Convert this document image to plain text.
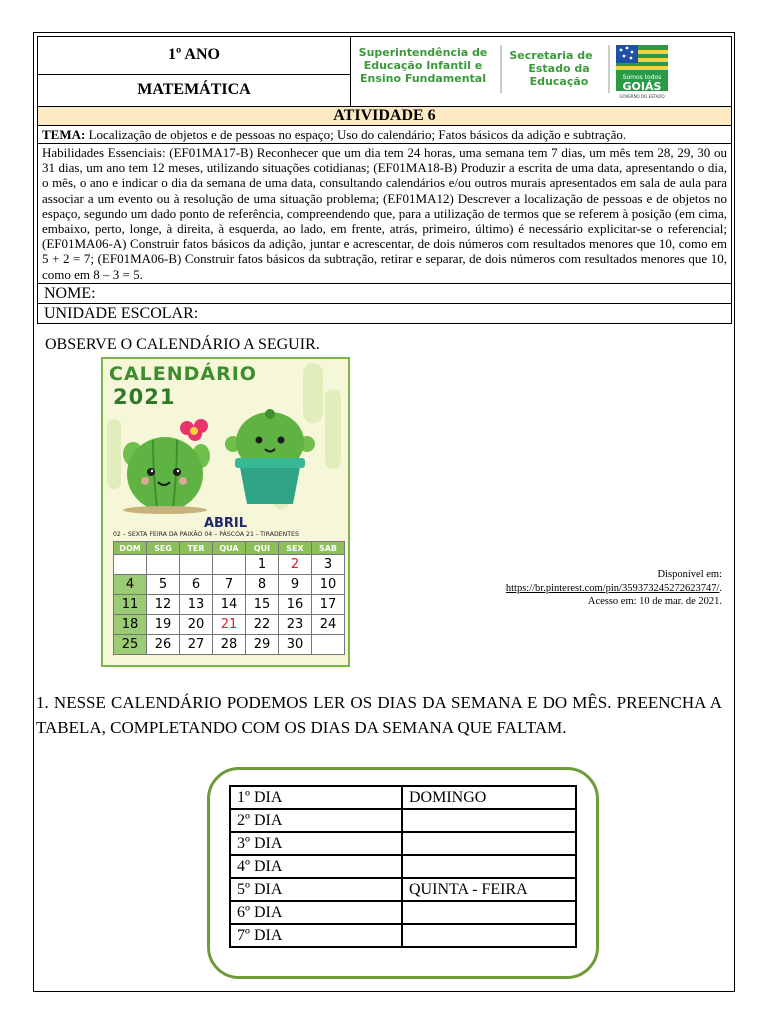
1º ANO	Superintendência de
Educação Infantil e
Ensino Fundamental
Secretaria de
Estado da
Educação	Somos todos
GOIÁS
GOVERNO DO ESTADO

MATEMÁTICA
ATIVIDADE 6
TEMA: Localização de objetos e de pessoas no espaço; Uso do calendário; Fatos básicos da adição e subtração.
Habilidades Essenciais: (EF01MA17-B) Reconhecer que um dia tem 24 horas, uma semana tem 7 dias, um mês tem 28, 29, 30 ou 31 dias, um ano tem 12 meses, utilizando situações cotidianas; (EF01MA18-B) Produzir a escrita de uma data, apresentando o dia, o mês, o ano e indicar o dia da semana de uma data, consultando calendários e/ou outros murais apresentados em sala de aula para associar a um evento ou à resolução de uma situação problema; (EF01MA12) Descrever a localização de pessoas e de objetos no espaço, segundo um dado ponto de referência, compreendendo que, para a utilização de termos que se referem à posição (em cima, embaixo, perto, longe, à direita, à esquerda, ao lado, em frente, atrás, primeiro, último) é necessário explicitar-se o referencial; (EF01MA06-A) Construir fatos básicos da adição, juntar e acrescentar, de dois números com resultados menores que 10, como em 5 + 2 = 7; (EF01MA06-B) Construir fatos básicos da subtração, retirar e separar, de dois números com resultados menores que 10, como em 8 – 3 = 5.
NOME:
UNIDADE ESCOLAR:
OBSERVE O CALENDÁRIO A SEGUIR.
CALENDÁRIO
2021
ABRIL
02 – SEXTA FEIRA DA PAIXÃO 04 – PÁSCOA 21 - TIRADENTES
DOM	SEG	TER	QUA	QUI	SEX	SAB
				1	2	3
4	5	6	7	8	9	10
11	12	13	14	15	16	17
18	19	20	21	22	23	24
25	26	27	28	29	30	
Disponível em:
https://br.pinterest.com/pin/359373245272623747/.
Acesso em: 10 de mar. de 2021.
1. NESSE CALENDÁRIO PODEMOS LER OS DIAS DA SEMANA E DO MÊS. PREENCHA A TABELA, COMPLETANDO COM OS DIAS DA SEMANA QUE FALTAM.
1º DIA	DOMINGO
2º DIA	
3º DIA	
4º DIA	
5º DIA	QUINTA - FEIRA
6º DIA	
7º DIA	
